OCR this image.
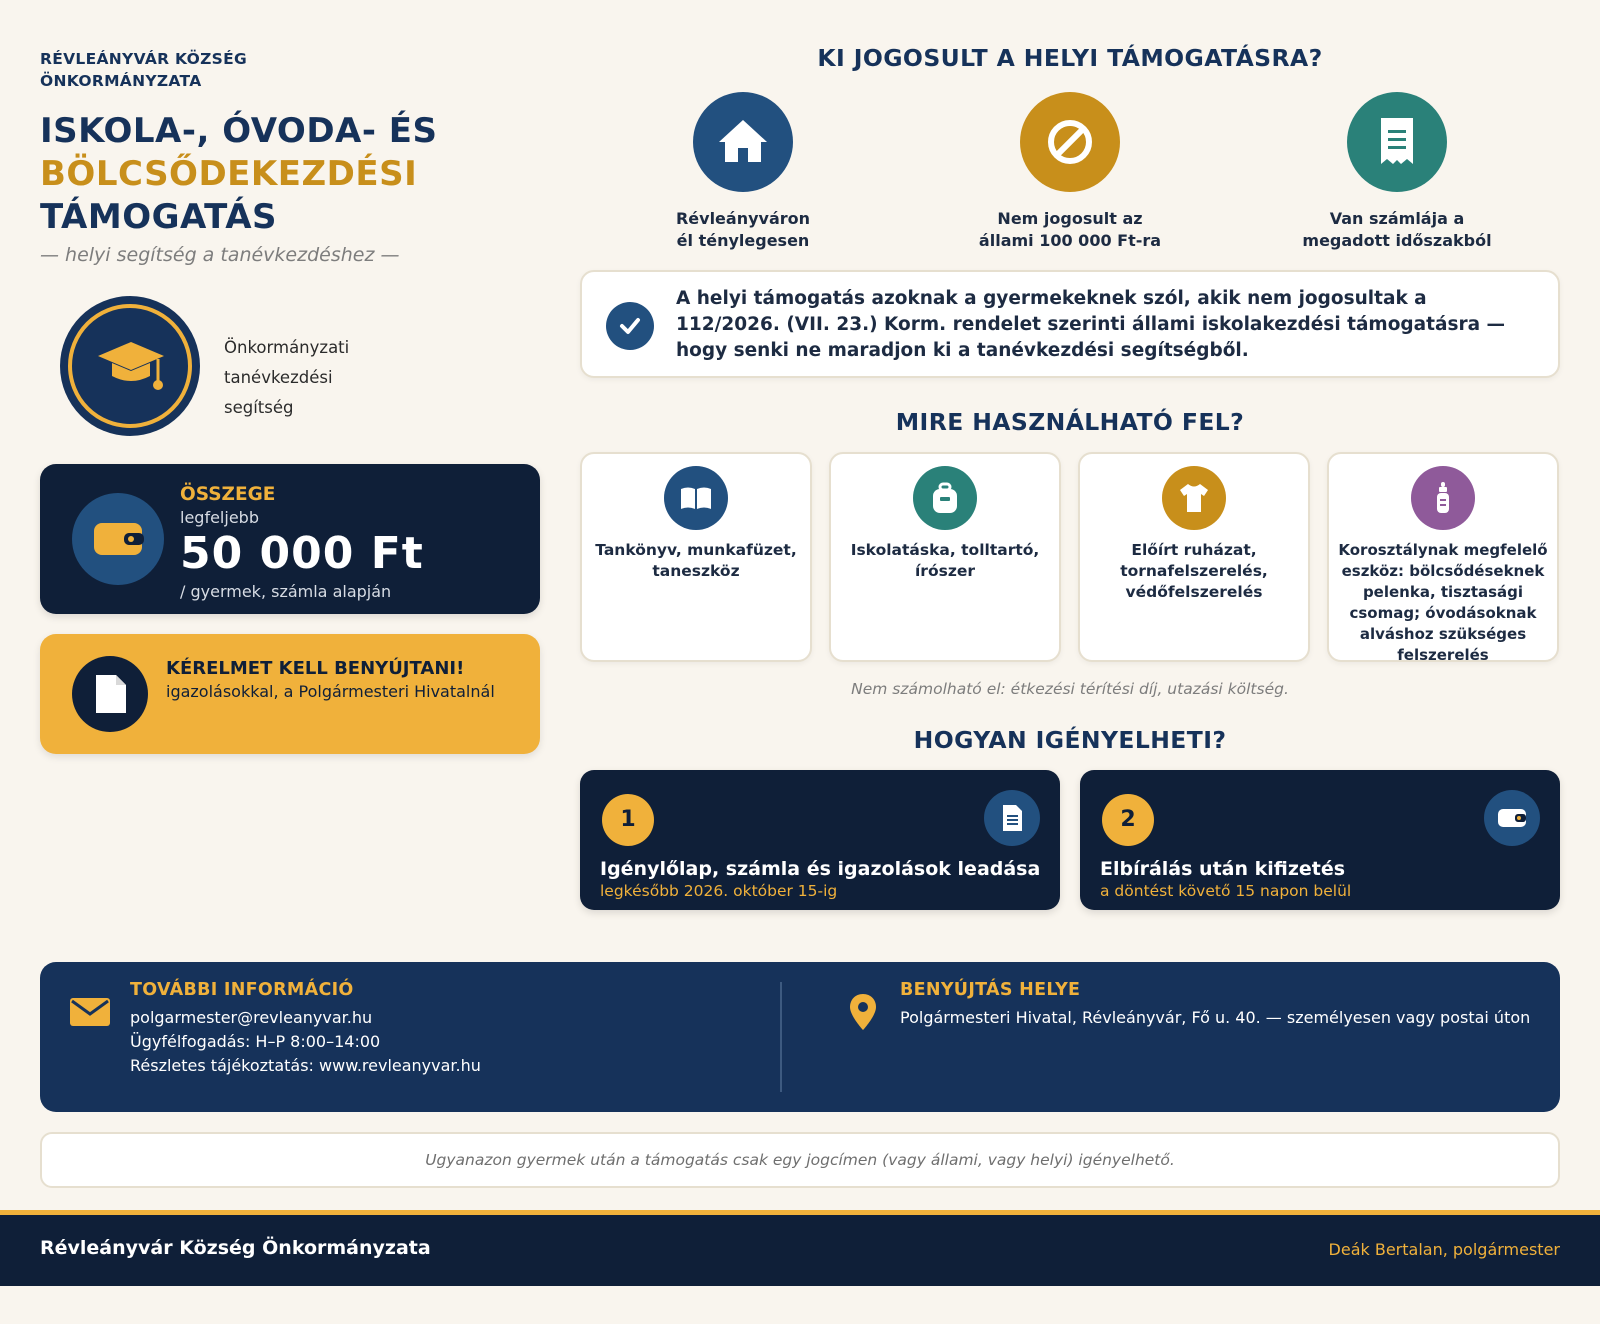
RÉVLEÁNYVÁR KÖZSÉG ÖNKORMÁNYZATA
ISKOLA-, ÓVODA- ÉS
BÖLCSŐDEKEZDÉSI
TÁMOGATÁS
— helyi segítség a tanévkezdéshez —
Önkormányzati
tanévkezdési
segítség
ÖSSZEGE
legfeljebb
50 000 Ft
/ gyermek, számla alapján
KÉRELMET KELL BENYÚJTANI!
igazolásokkal, a Polgármesteri Hivatalnál
KI JOGOSULT A HELYI TÁMOGATÁSRA?
Révleányváron
él ténylegesen
Nem jogosult az
állami 100 000 Ft-ra
Van számlája a
megadott időszakból
A helyi támogatás azoknak a gyermekeknek szól, akik nem jogosultak a 112/2026. (VII. 23.) Korm. rendelet szerinti állami iskolakezdési támogatásra — hogy senki ne maradjon ki a tanévkezdési segítségből.
MIRE HASZNÁLHATÓ FEL?
Tankönyv, munkafüzet, taneszköz
Iskolatáska, tolltartó, írószer
Előírt ruházat, tornafelszerelés, védőfelszerelés
Korosztálynak megfelelő eszköz: bölcsődéseknek pelenka, tisztasági csomag; óvodásoknak alváshoz szükséges felszerelés
Nem számolható el: étkezési térítési díj, utazási költség.
HOGYAN IGÉNYELHETI?
1
Igénylőlap, számla és igazolások leadása
legkésőbb 2026. október 15-ig
2
Elbírálás után kifizetés
a döntést követő 15 napon belül
TOVÁBBI INFORMÁCIÓ
polgarmester@revleanyvar.hu
Ügyfélfogadás: H–P 8:00–14:00
Részletes tájékoztatás: www.revleanyvar.hu
BENYÚJTÁS HELYE
Polgármesteri Hivatal, Révleányvár, Fő u. 40. — személyesen vagy postai úton
Ugyanazon gyermek után a támogatás csak egy jogcímen (vagy állami, vagy helyi) igényelhető.
Révleányvár Község Önkormányzata	Deák Bertalan, polgármester
